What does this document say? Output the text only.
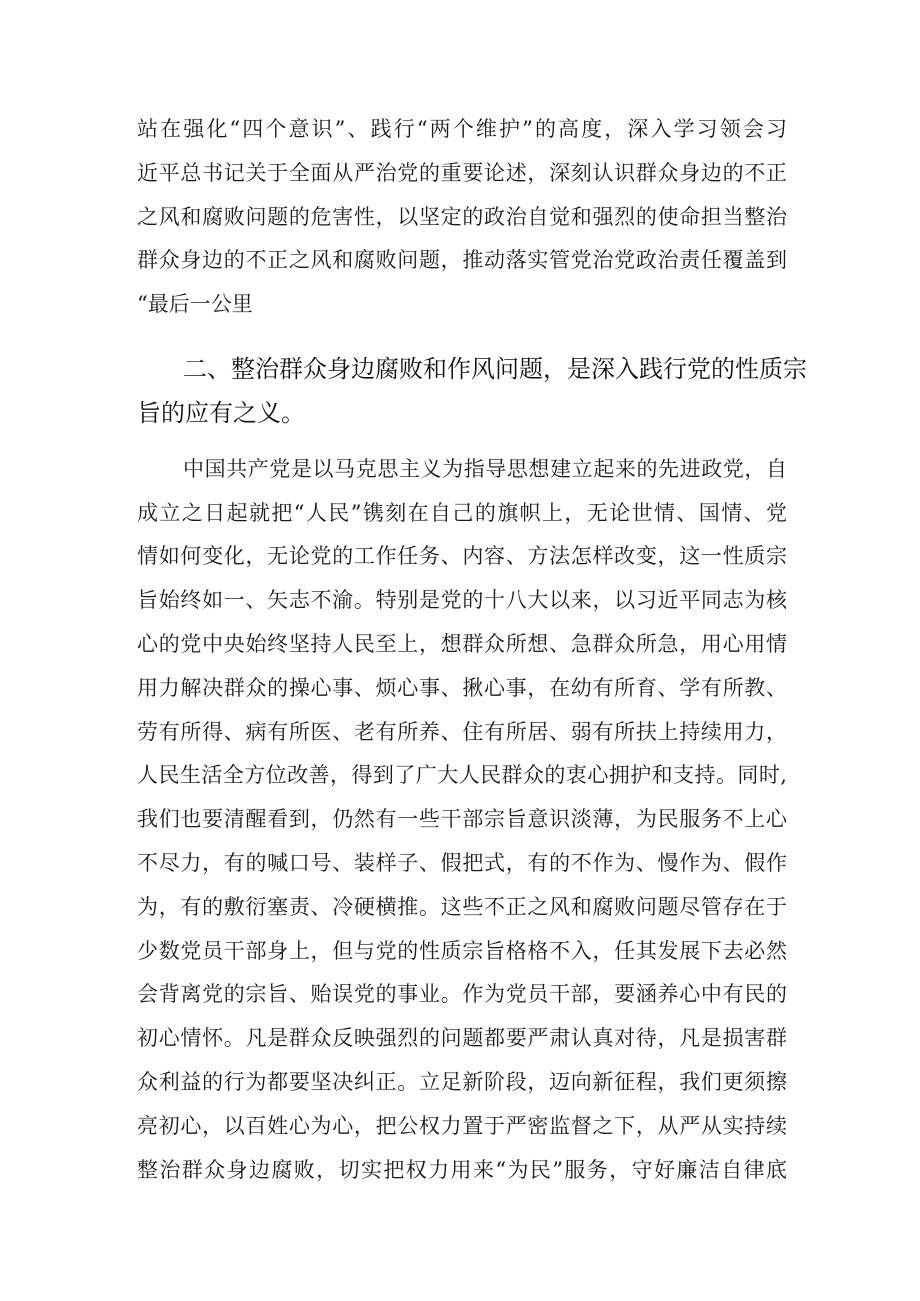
站在强化“四个意识”、践行“两个维护”的高度，深入学习领会习
近平总书记关于全面从严治党的重要论述，深刻认识群众身边的不正
之风和腐败问题的危害性，以坚定的政治自觉和强烈的使命担当整治
群众身边的不正之风和腐败问题，推动落实管党治党政治责任覆盖到
“最后一公里
二、整治群众身边腐败和作风问题，是深入践行党的性质宗
旨的应有之义。
中国共产党是以马克思主义为指导思想建立起来的先进政党，自
成立之日起就把“人民”镌刻在自己的旗帜上，无论世情、国情、党
情如何变化，无论党的工作任务、内容、方法怎样改变，这一性质宗
旨始终如一、矢志不渝。特别是党的十八大以来，以习近平同志为核
心的党中央始终坚持人民至上，想群众所想、急群众所急，用心用情
用力解决群众的操心事、烦心事、揪心事，在幼有所育、学有所教、
劳有所得、病有所医、老有所养、住有所居、弱有所扶上持续用力，
人民生活全方位改善，得到了广大人民群众的衷心拥护和支持。同时,
我们也要清醒看到，仍然有一些干部宗旨意识淡薄，为民服务不上心
不尽力，有的喊口号、装样子、假把式，有的不作为、慢作为、假作
为，有的敷衍塞责、冷硬横推。这些不正之风和腐败问题尽管存在于
少数党员干部身上，但与党的性质宗旨格格不入，任其发展下去必然
会背离党的宗旨、贻误党的事业。作为党员干部，要涵养心中有民的
初心情怀。凡是群众反映强烈的问题都要严肃认真对待，凡是损害群
众利益的行为都要坚决纠正。立足新阶段，迈向新征程，我们更须擦
亮初心，以百姓心为心，把公权力置于严密监督之下，从严从实持续
整治群众身边腐败，切实把权力用来“为民”服务，守好廉洁自律底
